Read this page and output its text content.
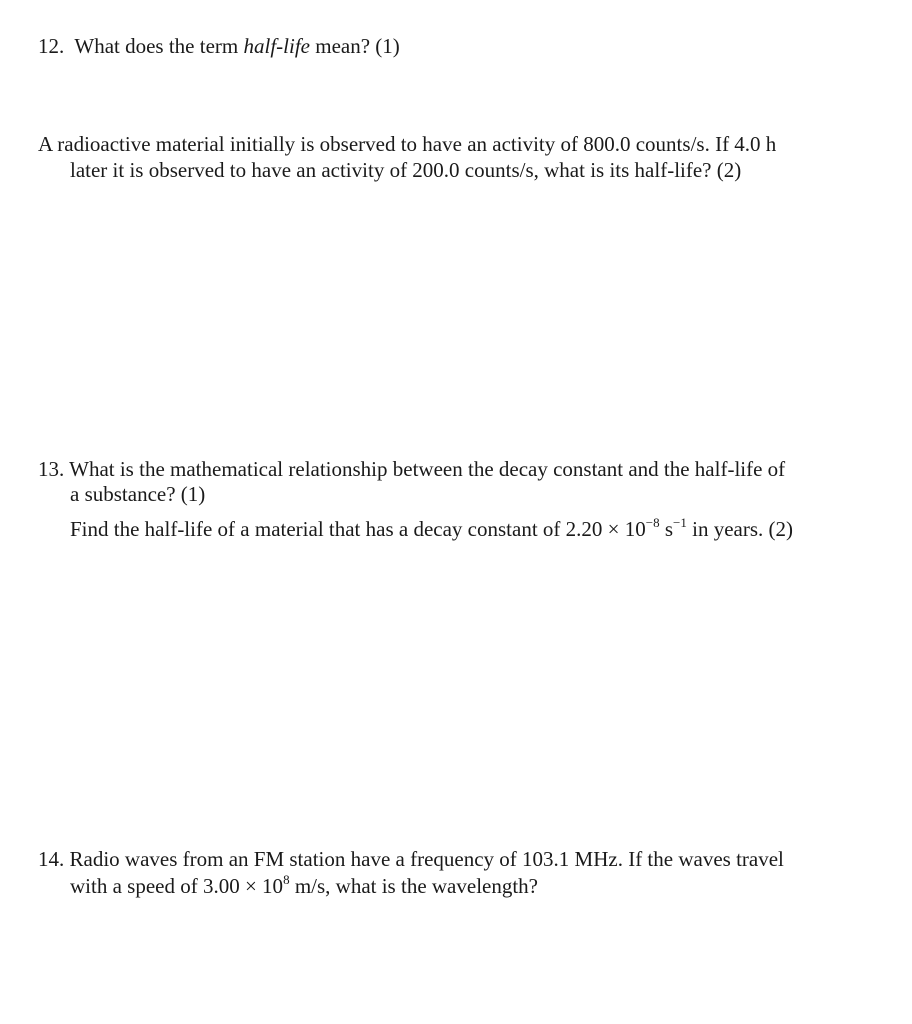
12. What does the term half-life mean? (1)
A radioactive material initially is observed to have an activity of 800.0 counts/s. If 4.0 h
later it is observed to have an activity of 200.0 counts/s, what is its half-life? (2)
13. What is the mathematical relationship between the decay constant and the half-life of
a substance? (1)
Find the half-life of a material that has a decay constant of $2.20 \times 10^{-8}$ $s^{-1}$ in years. (2)
14. Radio waves from an FM station have a frequency of 103.1 MHz. If the waves travel
with a speed of $3.00 \times 10^8$ m/s, what is the wavelength?
